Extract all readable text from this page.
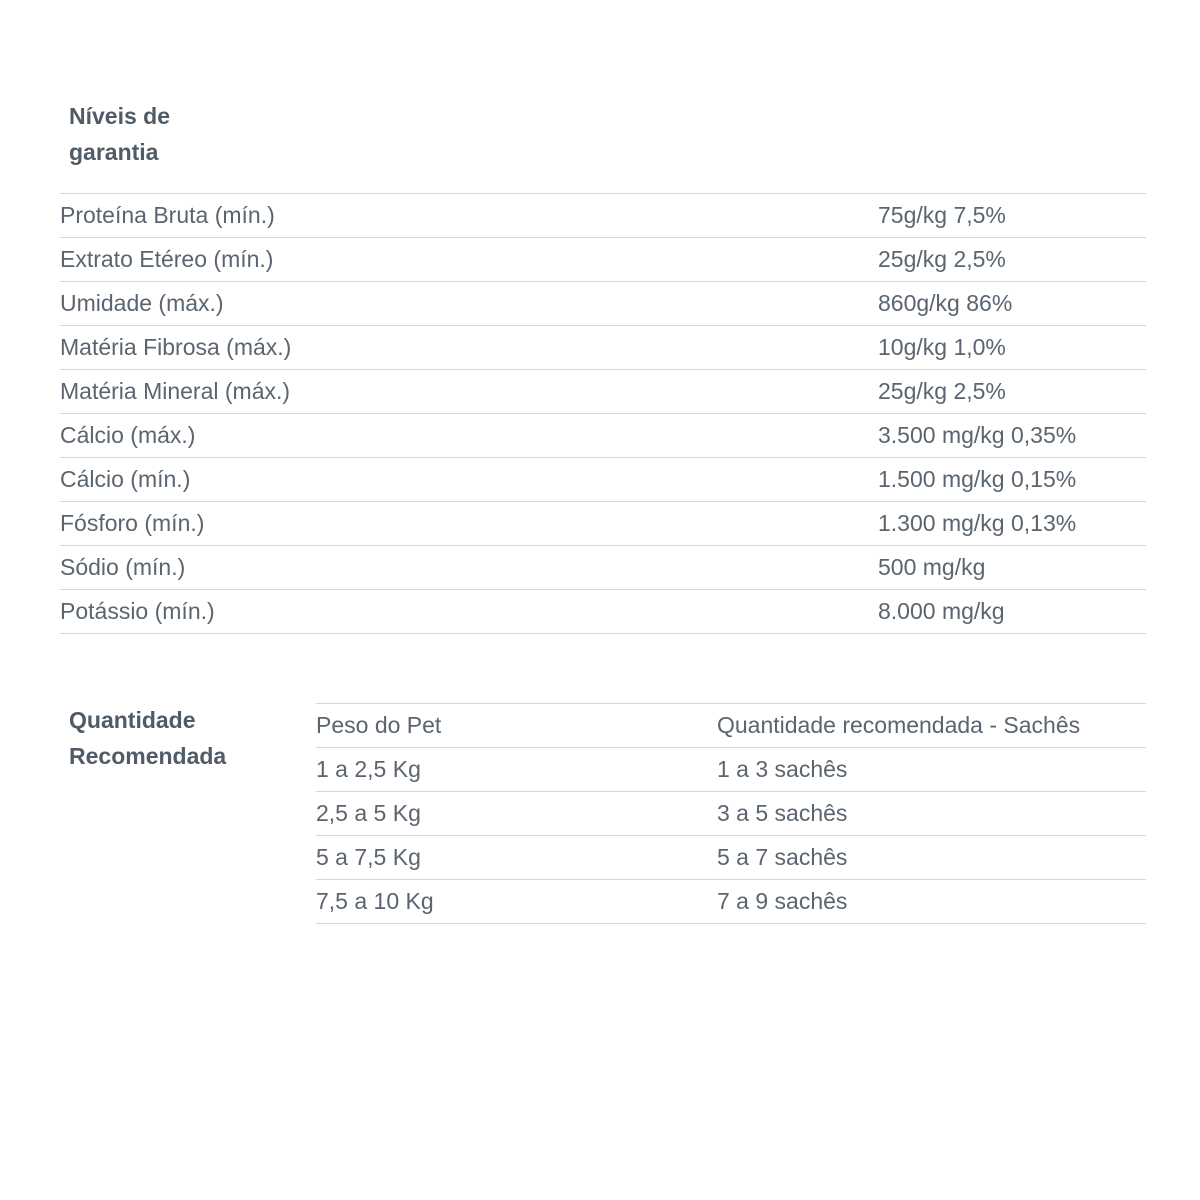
Níveis de
garantia
Proteína Bruta (mín.)	75g/kg 7,5%
Extrato Etéreo (mín.)	25g/kg 2,5%
Umidade (máx.)	860g/kg 86%
Matéria Fibrosa (máx.)	10g/kg 1,0%
Matéria Mineral (máx.)	25g/kg 2,5%
Cálcio (máx.)	3.500 mg/kg 0,35%
Cálcio (mín.)	1.500 mg/kg 0,15%
Fósforo (mín.)	1.300 mg/kg 0,13%
Sódio (mín.)	500 mg/kg
Potássio (mín.)	8.000 mg/kg
Quantidade
Recomendada
Peso do Pet	Quantidade recomendada - Sachês
1 a 2,5 Kg	1 a 3 sachês
2,5 a 5 Kg	3 a 5 sachês
5 a 7,5 Kg	5 a 7 sachês
7,5 a 10 Kg	7 a 9 sachês
